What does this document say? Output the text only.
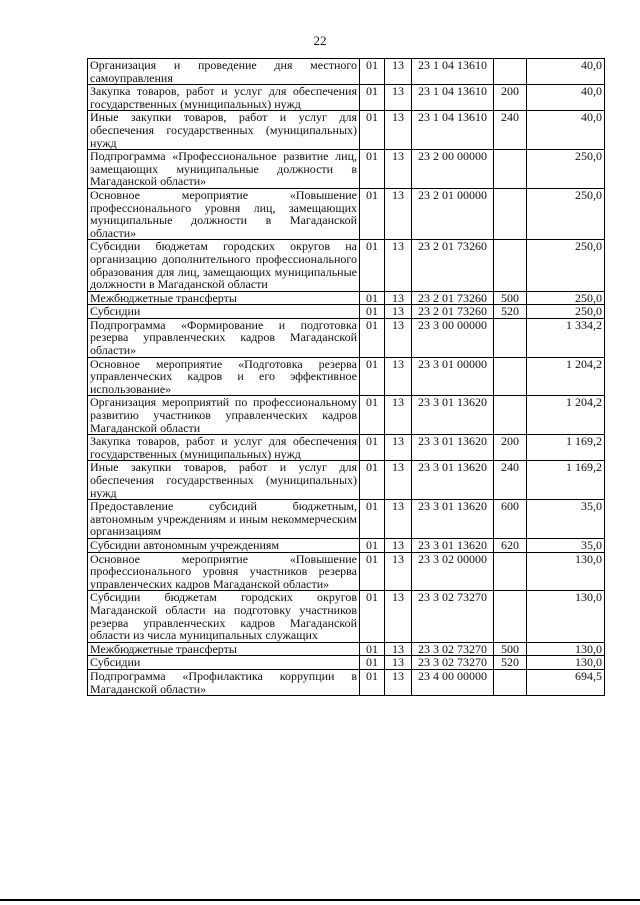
22
Организация и проведение дня местного самоуправления	01	13	23 1 04 13610		40,0
Закупка товаров, работ и услуг для обеспечения государственных (муниципальных) нужд	01	13	23 1 04 13610	200	40,0
Иные закупки товаров, работ и услуг для обеспечения государственных (муниципальных) нужд	01	13	23 1 04 13610	240	40,0
Подпрограмма «Профессиональное развитие лиц, замещающих муниципальные должности в Магаданской области»	01	13	23 2 00 00000		250,0
Основное мероприятие «Повышение профессионального уровня лиц, замещающих муниципальные должности в Магаданской области»	01	13	23 2 01 00000		250,0
Субсидии бюджетам городских округов на организацию дополнительного профессионального образования для лиц, замещающих муниципальные должности в Магаданской области	01	13	23 2 01 73260		250,0
Межбюджетные трансферты	01	13	23 2 01 73260	500	250,0
Субсидии	01	13	23 2 01 73260	520	250,0
Подпрограмма «Формирование и подготовка резерва управленческих кадров Магаданской области»	01	13	23 3 00 00000		1 334,2
Основное мероприятие «Подготовка резерва управленческих кадров и его эффективное использование»	01	13	23 3 01 00000		1 204,2
Организация мероприятий по профессиональному развитию участников управленческих кадров Магаданской области	01	13	23 3 01 13620		1 204,2
Закупка товаров, работ и услуг для обеспечения государственных (муниципальных) нужд	01	13	23 3 01 13620	200	1 169,2
Иные закупки товаров, работ и услуг для обеспечения государственных (муниципальных) нужд	01	13	23 3 01 13620	240	1 169,2
Предоставление субсидий бюджетным, автономным учреждениям и иным некоммерческим организациям	01	13	23 3 01 13620	600	35,0
Субсидии автономным учреждениям	01	13	23 3 01 13620	620	35,0
Основное мероприятие «Повышение профессионального уровня участников резерва управленческих кадров Магаданской области»	01	13	23 3 02 00000		130,0
Субсидии бюджетам городских округов Магаданской области на подготовку участников резерва управленческих кадров Магаданской области из числа муниципальных служащих	01	13	23 3 02 73270		130,0
Межбюджетные трансферты	01	13	23 3 02 73270	500	130,0
Субсидии	01	13	23 3 02 73270	520	130,0
Подпрограмма «Профилактика коррупции в Магаданской области»	01	13	23 4 00 00000		694,5
